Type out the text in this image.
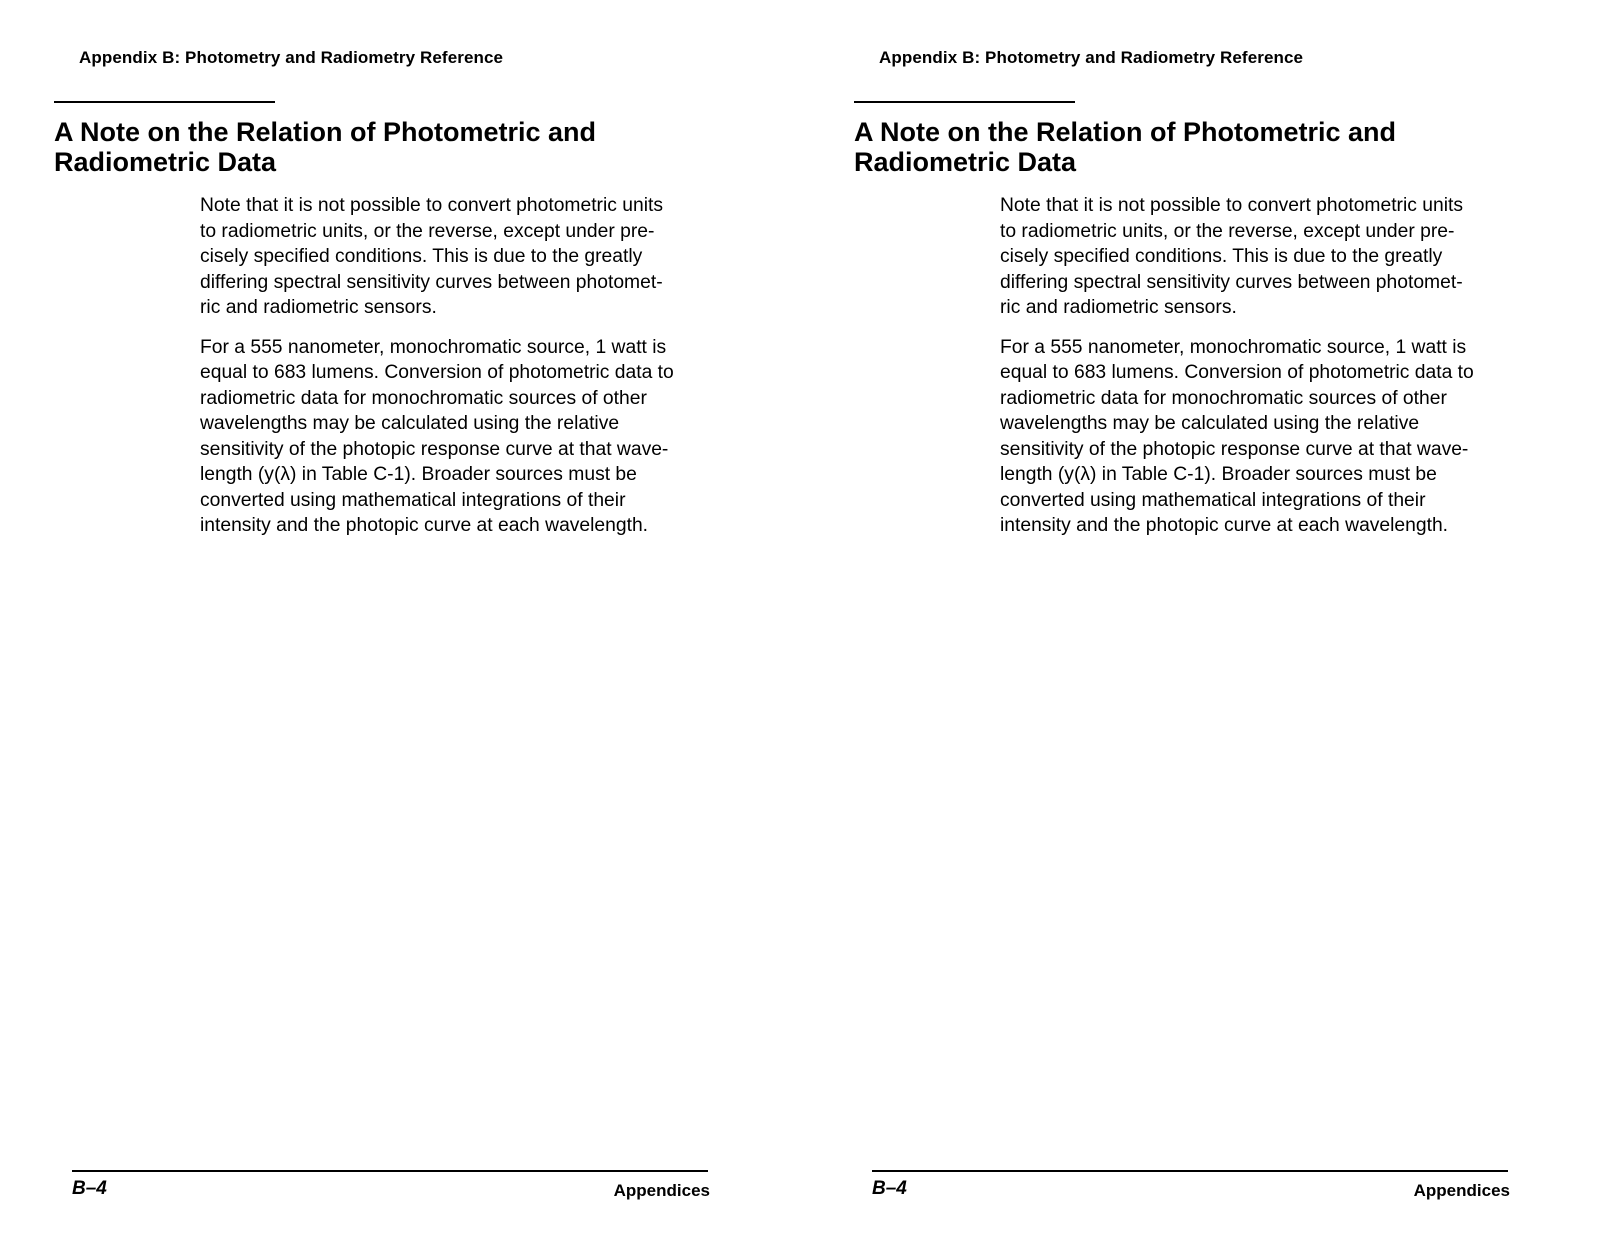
Appendix B: Photometry and Radiometry Reference
A Note on the Relation of Photometric and
Radiometric Data

Note that it is not possible to convert photometric units
to radiometric units, or the reverse, except under pre-
cisely specified conditions. This is due to the greatly
differing spectral sensitivity curves between photomet-
ric and radiometric sensors.

For a 555 nanometer, monochromatic source, 1 watt is
equal to 683 lumens. Conversion of photometric data to
radiometric data for monochromatic sources of other
wavelengths may be calculated using the relative
sensitivity of the photopic response curve at that wave-
length (y(λ) in Table C-1). Broader sources must be
converted using mathematical integrations of their
intensity and the photopic curve at each wavelength.

B–4	Appendices
Appendix B: Photometry and Radiometry Reference
A Note on the Relation of Photometric and
Radiometric Data

Note that it is not possible to convert photometric units
to radiometric units, or the reverse, except under pre-
cisely specified conditions. This is due to the greatly
differing spectral sensitivity curves between photomet-
ric and radiometric sensors.

For a 555 nanometer, monochromatic source, 1 watt is
equal to 683 lumens. Conversion of photometric data to
radiometric data for monochromatic sources of other
wavelengths may be calculated using the relative
sensitivity of the photopic response curve at that wave-
length (y(λ) in Table C-1). Broader sources must be
converted using mathematical integrations of their
intensity and the photopic curve at each wavelength.

B–4	Appendices
